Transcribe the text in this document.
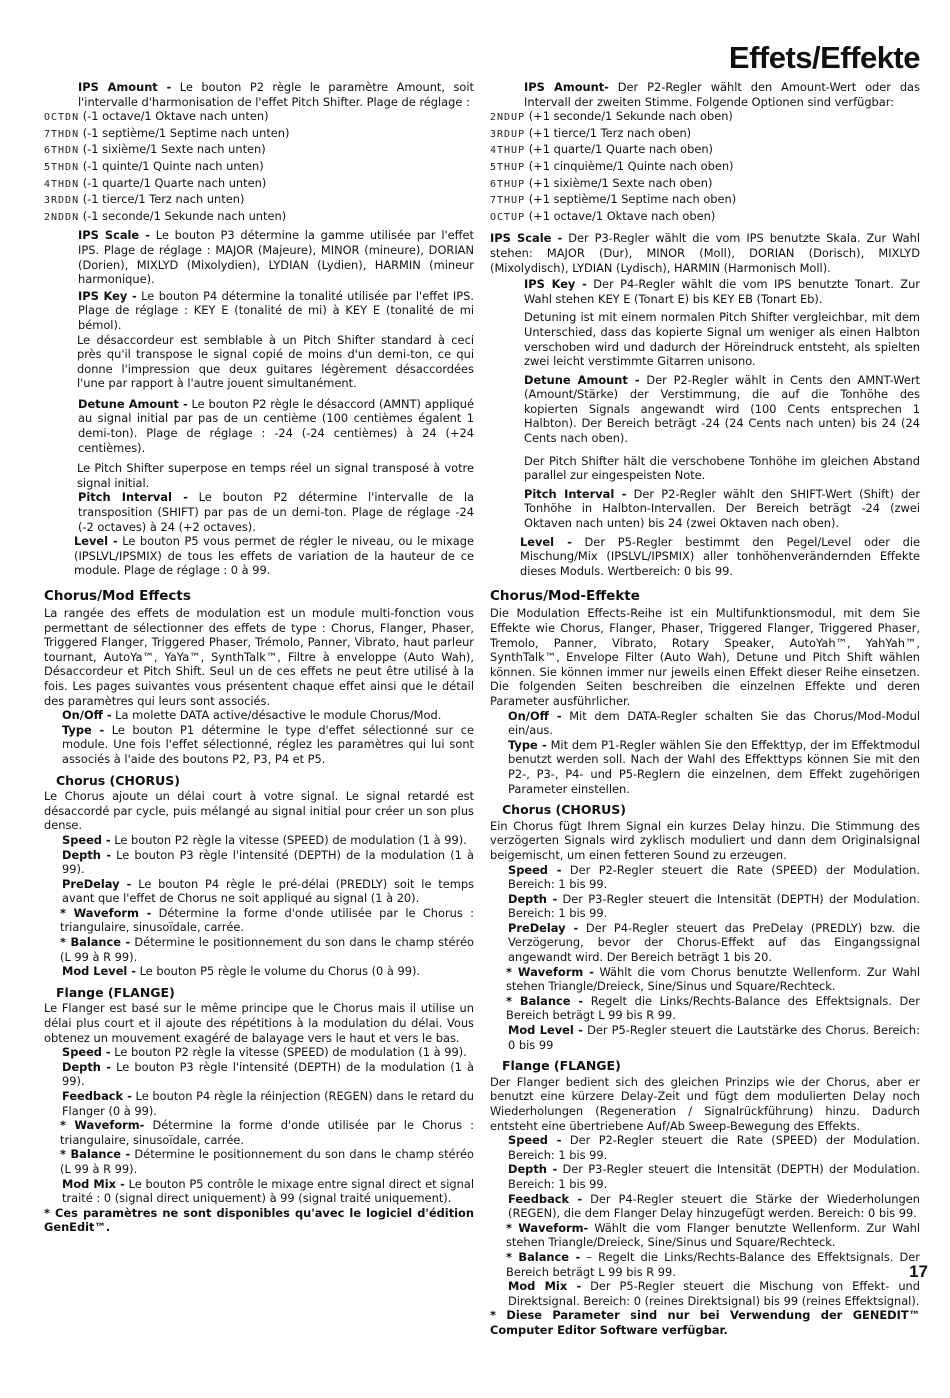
Effets/Effekte

IPS Amount - Le bouton P2 règle le paramètre Amount, soit l'intervalle d'harmonisation de l'effet Pitch Shifter. Plage de réglage :

OCTDN (-1 octave/1 Oktave nach unten)

7THDN (-1 septième/1 Septime nach unten)

6THDN (-1 sixième/1 Sexte nach unten)

5THDN (-1 quinte/1 Quinte nach unten)

4THDN (-1 quarte/1 Quarte nach unten)

3RDDN (-1 tierce/1 Terz nach unten)

2NDDN (-1 seconde/1 Sekunde nach unten)

IPS Scale - Le bouton P3 détermine la gamme utilisée par l'effet IPS. Plage de réglage : MAJOR (Majeure), MINOR (mineure), DORIAN (Dorien), MIXLYD (Mixolydien), LYDIAN (Lydien), HARMIN (mineur harmonique).

IPS Key - Le bouton P4 détermine la tonalité utilisée par l'effet IPS. Plage de réglage : KEY E (tonalité de mi) à KEY E (tonalité de mi bémol).

Le désaccordeur est semblable à un Pitch Shifter standard à ceci près qu'il transpose le signal copié de moins d'un demi-ton, ce qui donne l'impression que deux guitares légèrement désaccordées l'une par rapport à l'autre jouent simultanément.

Detune Amount - Le bouton P2 règle le désaccord (AMNT) appliqué au signal initial par pas de un centième (100 centièmes égalent 1 demi-ton). Plage de réglage : -24 (-24 centièmes) à 24 (+24 centièmes).

Le Pitch Shifter superpose en temps réel un signal transposé à votre signal initial.

Pitch Interval - Le bouton P2 détermine l'intervalle de la transposition (SHIFT) par pas de un demi-ton. Plage de réglage -24 (-2 octaves) à 24 (+2 octaves).

Level - Le bouton P5 vous permet de régler le niveau, ou le mixage (IPSLVL/IPSMIX) de tous les effets de variation de la hauteur de ce module. Plage de réglage : 0 à 99.

Chorus/Mod Effects

La rangée des effets de modulation est un module multi-fonction vous permettant de sélectionner des effets de type : Chorus, Flanger, Phaser, Triggered Flanger, Triggered Phaser, Trémolo, Panner, Vibrato, haut parleur tournant, AutoYa™, YaYa™, SynthTalk™, Filtre à enveloppe (Auto Wah), Désaccordeur et Pitch Shift. Seul un de ces effets ne peut être utilisé à la fois. Les pages suivantes vous présentent chaque effet ainsi que le détail des paramètres qui leurs sont associés.

On/Off - La molette DATA active/désactive le module Chorus/Mod.

Type - Le bouton P1 détermine le type d'effet sélectionné sur ce module. Une fois l'effet sélectionné, réglez les paramètres qui lui sont associés à l'aide des boutons P2, P3, P4 et P5.

Chorus (CHORUS)

Le Chorus ajoute un délai court à votre signal. Le signal retardé est désaccordé par cycle, puis mélangé au signal initial pour créer un son plus dense.

Speed - Le bouton P2 règle la vitesse (SPEED) de modulation (1 à 99).

Depth - Le bouton P3 règle l'intensité (DEPTH) de la modulation (1 à 99).

PreDelay - Le bouton P4 règle le pré-délai (PREDLY) soit le temps avant que l'effet de Chorus ne soit appliqué au signal (1 à 20).

* Waveform - Détermine la forme d'onde utilisée par le Chorus : triangulaire, sinusoïdale, carrée.

* Balance - Détermine le positionnement du son dans le champ stéréo (L 99 à R 99).

Mod Level - Le bouton P5 règle le volume du Chorus (0 à 99).

Flange (FLANGE)

Le Flanger est basé sur le même principe que le Chorus mais il utilise un délai plus court et il ajoute des répétitions à la modulation du délai. Vous obtenez un mouvement exagéré de balayage vers le haut et vers le bas.

Speed - Le bouton P2 règle la vitesse (SPEED) de modulation (1 à 99).

Depth - Le bouton P3 règle l'intensité (DEPTH) de la modulation (1 à 99).

Feedback - Le bouton P4 règle la réinjection (REGEN) dans le retard du Flanger (0 à 99).

* Waveform- Détermine la forme d'onde utilisée par le Chorus : triangulaire, sinusoïdale, carrée.

* Balance - Détermine le positionnement du son dans le champ stéréo (L 99 à R 99).

Mod Mix - Le bouton P5 contrôle le mixage entre signal direct et signal traité : 0 (signal direct uniquement) à 99 (signal traité uniquement).

* Ces paramètres ne sont disponibles qu'avec le logiciel d'édition GenEdit™.

IPS Amount- Der P2-Regler wählt den Amount-Wert oder das Intervall der zweiten Stimme. Folgende Optionen sind verfügbar:

2NDUP (+1 seconde/1 Sekunde nach oben)

3RDUP (+1 tierce/1 Terz nach oben)

4THUP (+1 quarte/1 Quarte nach oben)

5THUP (+1 cinquième/1 Quinte nach oben)

6THUP (+1 sixième/1 Sexte nach oben)

7THUP (+1 septième/1 Septime nach oben)

OCTUP (+1 octave/1 Oktave nach oben)

IPS Scale - Der P3-Regler wählt die vom IPS benutzte Skala. Zur Wahl stehen: MAJOR (Dur), MINOR (Moll), DORIAN (Dorisch), MIXLYD (Mixolydisch), LYDIAN (Lydisch), HARMIN (Harmonisch Moll).

IPS Key - Der P4-Regler wählt die vom IPS benutzte Tonart. Zur Wahl stehen KEY E (Tonart E) bis KEY EB (Tonart Eb).

Detuning ist mit einem normalen Pitch Shifter vergleichbar, mit dem Unterschied, dass das kopierte Signal um weniger als einen Halbton verschoben wird und dadurch der Höreindruck entsteht, als spielten zwei leicht verstimmte Gitarren unisono.

Detune Amount - Der P2-Regler wählt in Cents den AMNT-Wert (Amount/Stärke) der Verstimmung, die auf die Tonhöhe des kopierten Signals angewandt wird (100 Cents entsprechen 1 Halbton). Der Bereich beträgt -24 (24 Cents nach unten) bis 24 (24 Cents nach oben).

Der Pitch Shifter hält die verschobene Tonhöhe im gleichen Abstand parallel zur eingespeisten Note.

Pitch Interval - Der P2-Regler wählt den SHIFT-Wert (Shift) der Tonhöhe in Halbton-Intervallen. Der Bereich beträgt -24 (zwei Oktaven nach unten) bis 24 (zwei Oktaven nach oben).

Level - Der P5-Regler bestimmt den Pegel/Level oder die Mischung/Mix (IPSLVL/IPSMIX) aller tonhöhenverändernden Effekte dieses Moduls. Wertbereich: 0 bis 99.

Chorus/Mod-Effekte

Die Modulation Effects-Reihe ist ein Multifunktionsmodul, mit dem Sie Effekte wie Chorus, Flanger, Phaser, Triggered Flanger, Triggered Phaser, Tremolo, Panner, Vibrato, Rotary Speaker, AutoYah™, YahYah™, SynthTalk™, Envelope Filter (Auto Wah), Detune und Pitch Shift wählen können. Sie können immer nur jeweils einen Effekt dieser Reihe einsetzen. Die folgenden Seiten beschreiben die einzelnen Effekte und deren Parameter ausführlicher.

On/Off - Mit dem DATA-Regler schalten Sie das Chorus/Mod-Modul ein/aus.

Type - Mit dem P1-Regler wählen Sie den Effekttyp, der im Effektmodul benutzt werden soll. Nach der Wahl des Effekttyps können Sie mit den P2-, P3-, P4- und P5-Reglern die einzelnen, dem Effekt zugehörigen Parameter einstellen.

Chorus (CHORUS)

Ein Chorus fügt Ihrem Signal ein kurzes Delay hinzu. Die Stimmung des verzögerten Signals wird zyklisch moduliert und dann dem Originalsignal beigemischt, um einen fetteren Sound zu erzeugen.

Speed - Der P2-Regler steuert die Rate (SPEED) der Modulation. Bereich: 1 bis 99.

Depth - Der P3-Regler steuert die Intensität (DEPTH) der Modulation. Bereich: 1 bis 99.

PreDelay - Der P4-Regler steuert das PreDelay (PREDLY) bzw. die Verzögerung, bevor der Chorus-Effekt auf das Eingangssignal angewandt wird. Der Bereich beträgt 1 bis 20.

* Waveform - Wählt die vom Chorus benutzte Wellenform. Zur Wahl stehen Triangle/Dreieck, Sine/Sinus und Square/Rechteck.

* Balance - Regelt die Links/Rechts-Balance des Effektsignals. Der Bereich beträgt L 99 bis R 99.

Mod Level - Der P5-Regler steuert die Lautstärke des Chorus. Bereich: 0 bis 99

Flange (FLANGE)

Der Flanger bedient sich des gleichen Prinzips wie der Chorus, aber er benutzt eine kürzere Delay-Zeit und fügt dem modulierten Delay noch Wiederholungen (Regeneration / Signalrückführung) hinzu. Dadurch entsteht eine übertriebene Auf/Ab Sweep-Bewegung des Effekts.

Speed - Der P2-Regler steuert die Rate (SPEED) der Modulation. Bereich: 1 bis 99.

Depth - Der P3-Regler steuert die Intensität (DEPTH) der Modulation. Bereich: 1 bis 99.

Feedback - Der P4-Regler steuert die Stärke der Wiederholungen (REGEN), die dem Flanger Delay hinzugefügt werden. Bereich: 0 bis 99.

* Waveform- Wählt die vom Flanger benutzte Wellenform. Zur Wahl stehen Triangle/Dreieck, Sine/Sinus und Square/Rechteck.

* Balance - – Regelt die Links/Rechts-Balance des Effektsignals. Der Bereich beträgt L 99 bis R 99.

Mod Mix - Der P5-Regler steuert die Mischung von Effekt- und Direktsignal. Bereich: 0 (reines Direktsignal) bis 99 (reines Effektsignal).

* Diese Parameter sind nur bei Verwendung der GENEDIT™ Computer Editor Software verfügbar.

17
